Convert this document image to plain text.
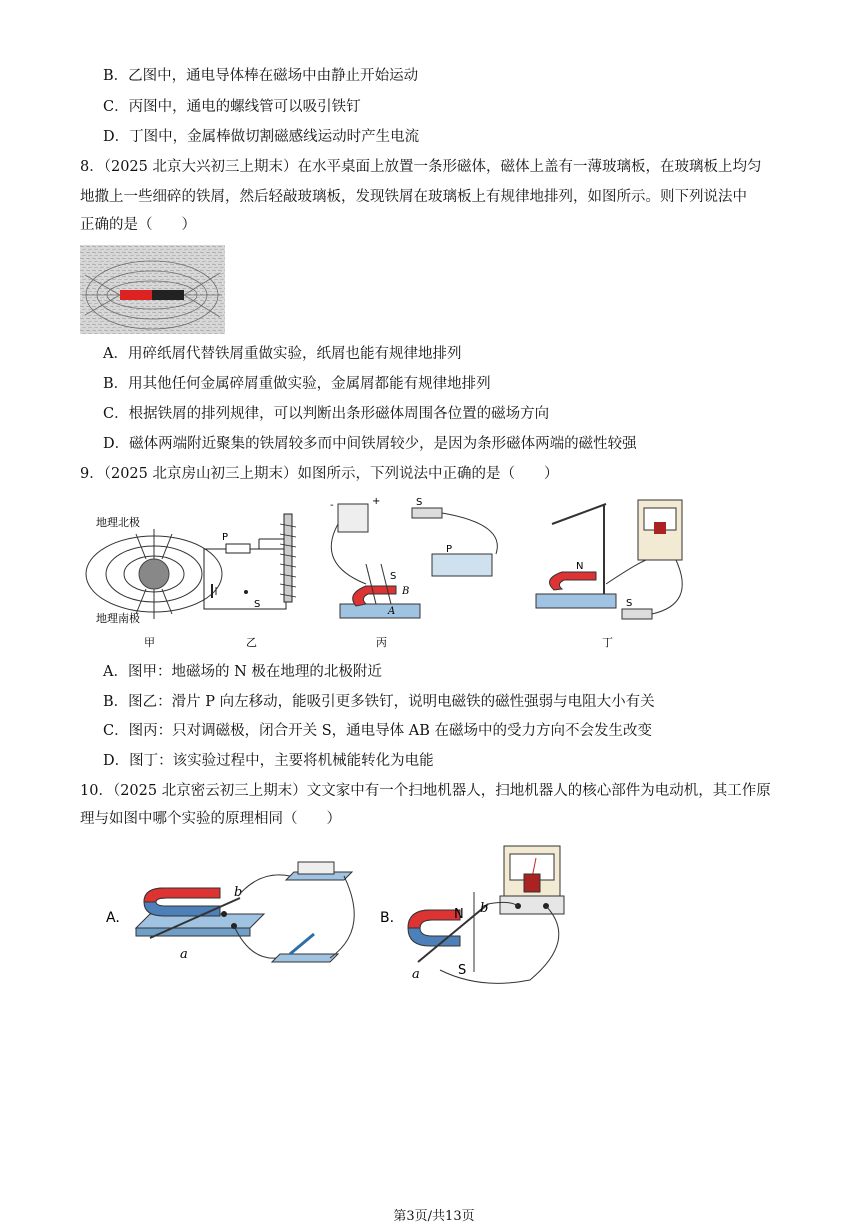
B．乙图中，通电导体棒在磁场中由静止开始运动
C．丙图中，通电的螺线管可以吸引铁钉
D．丁图中，金属棒做切割磁感线运动时产生电流
8．（2025 北京大兴初三上期末）在水平桌面上放置一条形磁体，磁体上盖有一薄玻璃板，在玻璃板上均匀
地撒上一些细碎的铁屑，然后轻敲玻璃板，发现铁屑在玻璃板上有规律地排列，如图所示。则下列说法中
正确的是（　　）
A．用碎纸屑代替铁屑重做实验，纸屑也能有规律地排列
B．用其他任何金属碎屑重做实验，金属屑都能有规律地排列
C．根据铁屑的排列规律，可以判断出条形磁体周围各位置的磁场方向
D．磁体两端附近聚集的铁屑较多而中间铁屑较少，是因为条形磁体两端的磁性较强
9．（2025 北京房山初三上期末）如图所示，下列说法中正确的是（　　）
地理北极
地理南极
甲
P
S
乙
+
-	S
P
S
B
A
丙
N
S
丁
A．图甲：地磁场的 N 极在地理的北极附近
B．图乙：滑片 P 向左移动，能吸引更多铁钉，说明电磁铁的磁性强弱与电阻大小有关
C．图丙：只对调磁极，闭合开关 S，通电导体 AB 在磁场中的受力方向不会发生改变
D．图丁：该实验过程中，主要将机械能转化为电能
10．（2025 北京密云初三上期末）文文家中有一个扫地机器人，扫地机器人的核心部件为电动机，其工作原
理与如图中哪个实验的原理相同（　　）
A.
b
a
B.	N
S
b
a
第3页/共13页
